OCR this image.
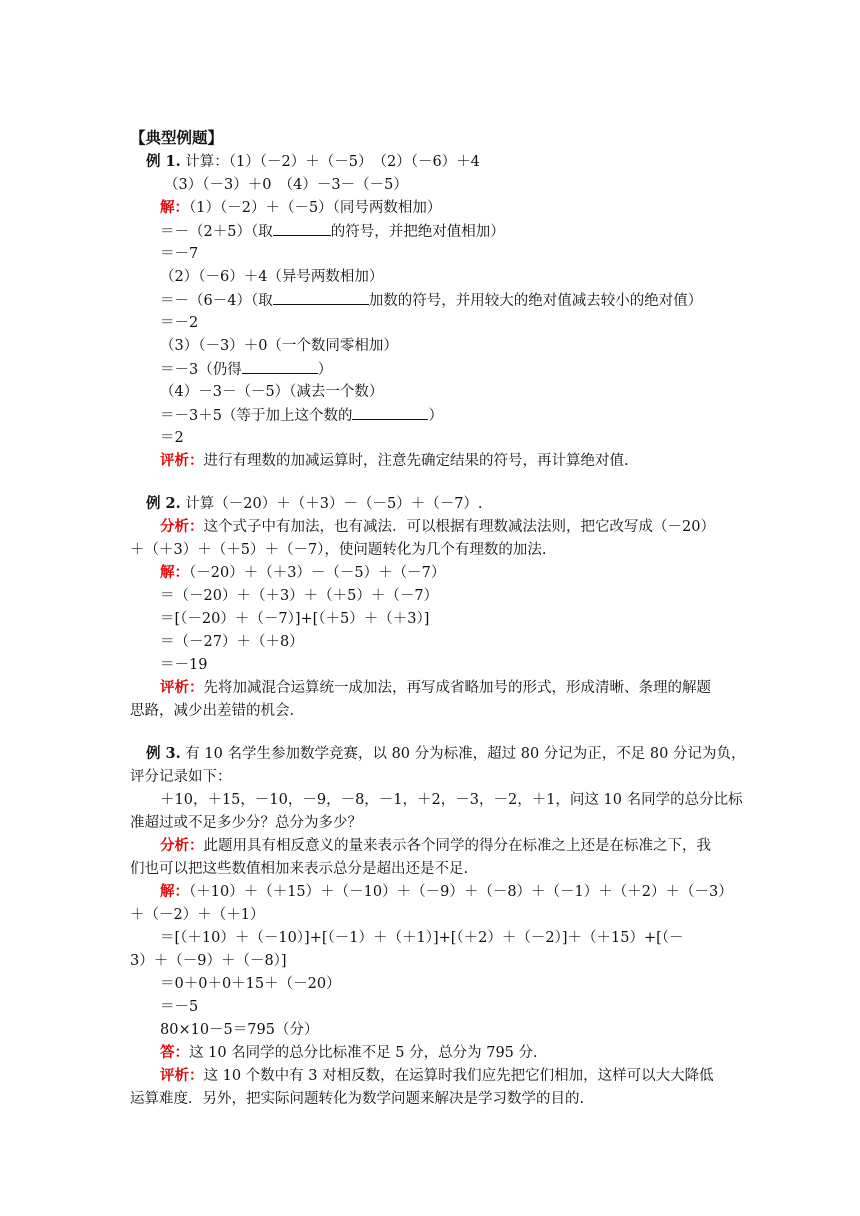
【典型例题】
例 1. 计算：（1）（－2）＋（－5）　（2）（－6）＋4
（3）（－3）＋0　（4）－3－（－5）
解：（1）（－2）＋（－5）（同号两数相加）
＝－（2＋5）（取	的符号，并把绝对值相加）
＝－7
（2）（－6）＋4（异号两数相加）
＝－（6－4）（取	加数的符号，并用较大的绝对值减去较小的绝对值）
＝－2
（3）（－3）＋0（一个数同零相加）
＝－3（仍得	）
（4）－3－（－5）（减去一个数）
＝－3＋5（等于加上这个数的	）
＝2
评析：进行有理数的加减运算时，注意先确定结果的符号，再计算绝对值.
例 2. 计算（－20）＋（＋3）－（－5）＋（－7）.
分析：这个式子中有加法，也有减法．可以根据有理数减法法则，把它改写成（－20）
＋（＋3）＋（＋5）＋（－7），使问题转化为几个有理数的加法.
解：（－20）＋（＋3）－（－5）＋（－7）
＝（－20）＋（＋3）＋（＋5）＋（－7）
＝[（－20）＋（－7）]+[（＋5）＋（＋3）]
＝（－27）＋（＋8）
＝－19
评析：先将加减混合运算统一成加法，再写成省略加号的形式，形成清晰、条理的解题
思路，减少出差错的机会.
例 3. 有 10 名学生参加数学竞赛，以 80 分为标准，超过 80 分记为正，不足 80 分记为负，
评分记录如下：
＋10，＋15，－10，－9，－8，－1，＋2，－3，－2，＋1，问这 10 名同学的总分比标
准超过或不足多少分？总分为多少？
分析：此题用具有相反意义的量来表示各个同学的得分在标准之上还是在标准之下，我
们也可以把这些数值相加来表示总分是超出还是不足.
解：（＋10）＋（＋15）＋（－10）＋（－9）＋（－8）＋（－1）＋（＋2）＋（－3）
＋（－2）＋（＋1）
＝[（＋10）＋（－10）]+[（－1）＋（＋1）]+[（＋2）＋（－2）]＋（＋15）+[（－
3）＋（－9）＋（－8）]
＝0＋0＋0＋15＋（－20）
＝－5
80×10－5＝795（分）
答：这 10 名同学的总分比标准不足 5 分，总分为 795 分.
评析：这 10 个数中有 3 对相反数，在运算时我们应先把它们相加，这样可以大大降低
运算难度．另外，把实际问题转化为数学问题来解决是学习数学的目的.
